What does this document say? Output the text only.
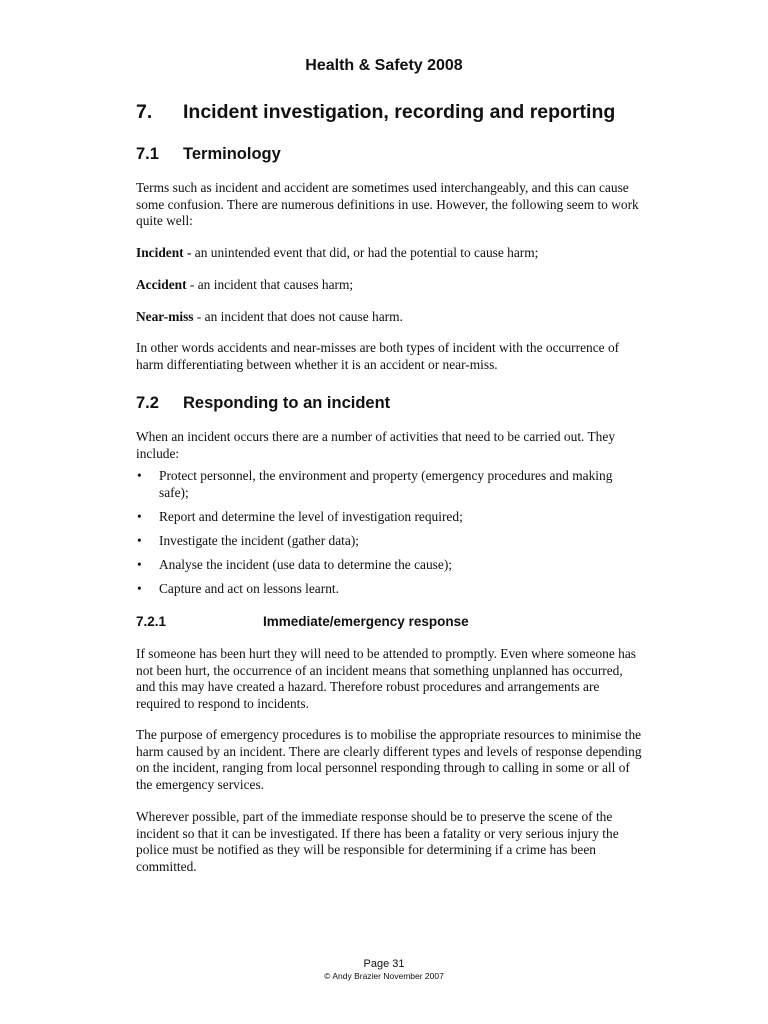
Health & Safety 2008
7. Incident investigation, recording and reporting
7.1 Terminology
Terms such as incident and accident are sometimes used interchangeably, and this can cause some confusion. There are numerous definitions in use. However, the following seem to work quite well:
Incident - an unintended event that did, or had the potential to cause harm;
Accident - an incident that causes harm;
Near-miss - an incident that does not cause harm.
In other words accidents and near-misses are both types of incident with the occurrence of harm differentiating between whether it is an accident or near-miss.
7.2 Responding to an incident
When an incident occurs there are a number of activities that need to be carried out. They include:
• Protect personnel, the environment and property (emergency procedures and making safe);
• Report and determine the level of investigation required;
• Investigate the incident (gather data);
• Analyse the incident (use data to determine the cause);
• Capture and act on lessons learnt.
7.2.1	Immediate/emergency response
If someone has been hurt they will need to be attended to promptly. Even where someone has not been hurt, the occurrence of an incident means that something unplanned has occurred, and this may have created a hazard. Therefore robust procedures and arrangements are required to respond to incidents.
The purpose of emergency procedures is to mobilise the appropriate resources to minimise the harm caused by an incident. There are clearly different types and levels of response depending on the incident, ranging from local personnel responding through to calling in some or all of the emergency services.
Wherever possible, part of the immediate response should be to preserve the scene of the incident so that it can be investigated. If there has been a fatality or very serious injury the police must be notified as they will be responsible for determining if a crime has been committed.
Page 31
© Andy Brazier November 2007
